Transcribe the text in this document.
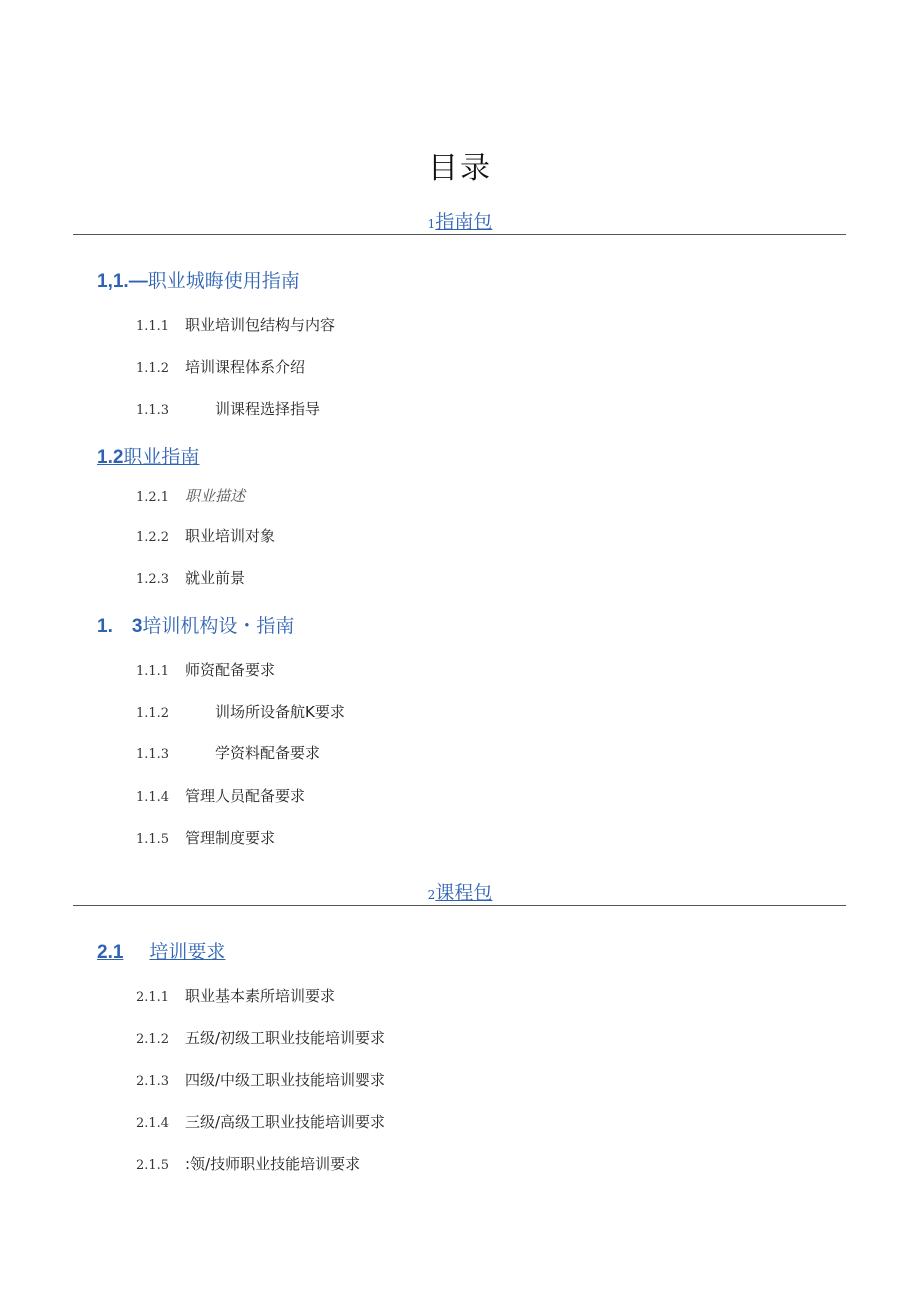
目录
1指南包
1,1.—职业城晦使用指南
1.1.1 职业培训包结构与内容
1.1.2 培训课程体系介绍
1.1.3	训课程选择指导
1.2职业指南
1.2.1 职业描述
1.2.2 职业培训对象
1.2.3 就业前景
1.　3培训机构设・指南
1.1.1 师资配备要求
1.1.2	训场所设备航K要求
1.1.3	学资料配备要求
1.1.4 管理人员配备要求
1.1.5 管理制度要求
2课程包
2.1 培训要求
2.1.1 职业基本素所培训要求
2.1.2 五级/初级工职业技能培训要求
2.1.3 四级/中级工职业技能培训婴求
2.1.4 三级/高级工职业技能培训要求
2.1.5 :领/技师职业技能培训要求
